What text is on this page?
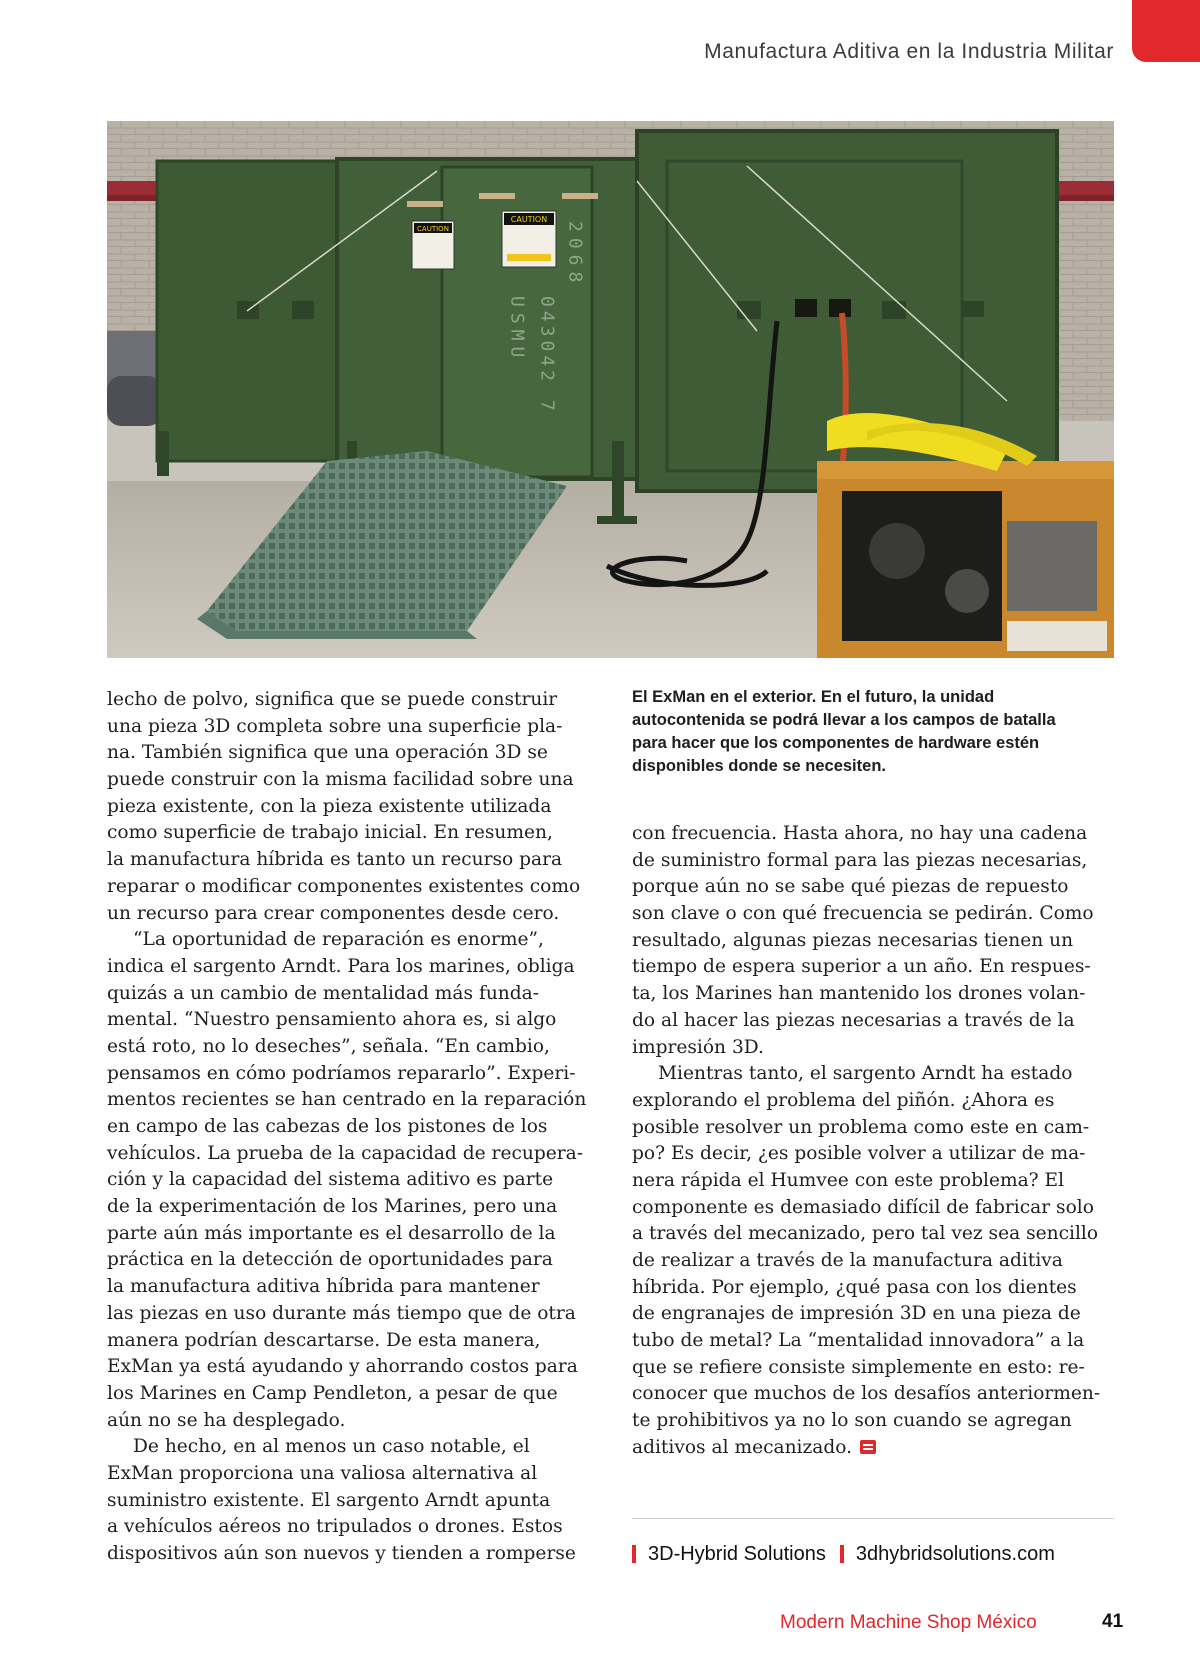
Manufactura Aditiva en la Industria Militar
CAUTION
CAUTION
USMU 043042 7
2068
lecho de polvo, significa que se puede construir
una pieza 3D completa sobre una superficie pla-
na. También significa que una operación 3D se
puede construir con la misma facilidad sobre una
pieza existente, con la pieza existente utilizada
como superficie de trabajo inicial. En resumen,
la manufactura híbrida es tanto un recurso para
reparar o modificar componentes existentes como
un recurso para crear componentes desde cero.
“La oportunidad de reparación es enorme”,
indica el sargento Arndt. Para los marines, obliga
quizás a un cambio de mentalidad más funda-
mental. “Nuestro pensamiento ahora es, si algo
está roto, no lo deseches”, señala. “En cambio,
pensamos en cómo podríamos repararlo”. Experi-
mentos recientes se han centrado en la reparación
en campo de las cabezas de los pistones de los
vehículos. La prueba de la capacidad de recupera-
ción y la capacidad del sistema aditivo es parte
de la experimentación de los Marines, pero una
parte aún más importante es el desarrollo de la
práctica en la detección de oportunidades para
la manufactura aditiva híbrida para mantener
las piezas en uso durante más tiempo que de otra
manera podrían descartarse. De esta manera,
ExMan ya está ayudando y ahorrando costos para
los Marines en Camp Pendleton, a pesar de que
aún no se ha desplegado.
De hecho, en al menos un caso notable, el
ExMan proporciona una valiosa alternativa al
suministro existente. El sargento Arndt apunta
a vehículos aéreos no tripulados o drones. Estos
dispositivos aún son nuevos y tienden a romperse
El ExMan en el exterior. En el futuro, la unidad
autocontenida se podrá llevar a los campos de batalla
para hacer que los componentes de hardware estén
disponibles donde se necesiten.
con frecuencia. Hasta ahora, no hay una cadena
de suministro formal para las piezas necesarias,
porque aún no se sabe qué piezas de repuesto
son clave o con qué frecuencia se pedirán. Como
resultado, algunas piezas necesarias tienen un
tiempo de espera superior a un año. En respues-
ta, los Marines han mantenido los drones volan-
do al hacer las piezas necesarias a través de la
impresión 3D.
Mientras tanto, el sargento Arndt ha estado
explorando el problema del piñón. ¿Ahora es
posible resolver un problema como este en cam-
po? Es decir, ¿es posible volver a utilizar de ma-
nera rápida el Humvee con este problema? El
componente es demasiado difícil de fabricar solo
a través del mecanizado, pero tal vez sea sencillo
de realizar a través de la manufactura aditiva
híbrida. Por ejemplo, ¿qué pasa con los dientes
de engranajes de impresión 3D en una pieza de
tubo de metal? La “mentalidad innovadora” a la
que se refiere consiste simplemente en esto: re-
conocer que muchos de los desafíos anteriormen-
te prohibitivos ya no lo son cuando se agregan
aditivos al mecanizado.
3D-Hybrid Solutions 3dhybridsolutions.com
Modern Machine Shop México	41
